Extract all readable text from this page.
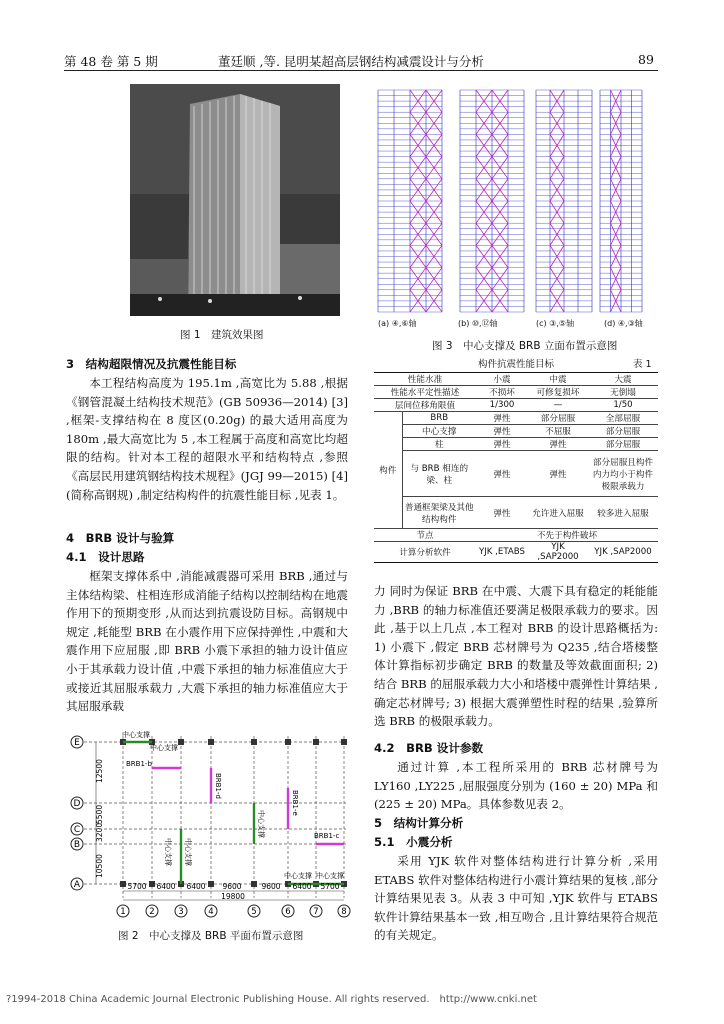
第 48 卷 第 5 期	董廷顺 ,等. 昆明某超高层钢结构减震设计与分析	89
图 1　建筑效果图
(a) ④,⑥轴	(b) ⑩,⑫轴	(c) ③,⑤轴	(d) ④,③轴
图 3　中心支撑及 BRB 立面布置示意图
3　结构超限情况及抗震性能目标

本工程结构高度为 195.1m ,高宽比为 5.88 ,根据《钢管混凝土结构技术规范》(GB 50936—2014) [3] ,框架-支撑结构在 8 度区(0.20g) 的最大适用高度为 180m ,最大高宽比为 5 ,本工程属于高度和高宽比均超限的结构。针对本工程的超限水平和结构特点 ,参照《高层民用建筑钢结构技术规程》(JGJ 99—2015) [4] (简称高钢规) ,制定结构构件的抗震性能目标 ,见表 1。

4　BRB 设计与验算
4.1　设计思路

框架支撑体系中 ,消能减震器可采用 BRB ,通过与主体结构梁、柱相连形成消能子结构以控制结构在地震作用下的预期变形 ,从而达到抗震设防目标。高钢规中规定 ,耗能型 BRB 在小震作用下应保持弹性 ,中震和大震作用下应屈服 ,即 BRB 小震下承担的轴力设计值应小于其承载力设计值 ,中震下承担的轴力标准值应大于或接近其屈服承载力 ,大震下承担的轴力标准值应大于其屈服承载

构件抗震性能目标	表 1
性能水准		小震	中震	大震
性能水平定性描述		不损坏	可修复损坏	无倒塌
层间位移角限值		1/300	—	1/50
构件	BRB	弹性	部分屈服	全部屈服
	中心支撑	弹性	不屈服	部分屈服
	柱	弹性	弹性	部分屈服
	与 BRB 相连的梁、柱	弹性	弹性	部分屈服且构件内力均小于构件极限承载力
	普通框架梁及其他结构构件	弹性	允许进入屈服	较多进入屈服
节点		不先于构件破坏		
计算分析软件		YJK ,ETABS	YJK ,SAP2000	YJK ,SAP2000

力 同时为保证 BRB 在中震、大震下具有稳定的耗能能力 ,BRB 的轴力标准值还要满足极限承载力的要求。因此 ,基于以上几点 ,本工程对 BRB 的设计思路概括为: 1) 小震下 ,假定 BRB 芯材牌号为 Q235 ,结合塔楼整体计算指标初步确定 BRB 的数量及等效截面面积; 2) 结合 BRB 的屈服承载力大小和塔楼中震弹性计算结果 ,确定芯材牌号; 3) 根据大震弹塑性时程的结果 ,验算所选 BRB 的极限承载力。

4.2　BRB 设计参数

通过计算 ,本工程所采用的 BRB 芯材牌号为 LY160 ,LY225 ,屈服强度分别为 (160 ± 20) MPa 和 (225 ± 20) MPa。具体参数见表 2。

5　结构计算分析
5.1　小震分析

采用 YJK 软件对整体结构进行计算分析 ,采用 ETABS 软件对整体结构进行小震计算结果的复核 ,部分计算结果见表 3。从表 3 中可知 ,YJK 软件与 ETABS 软件计算结果基本一致 ,相互吻合 ,且计算结果符合规范的有关规定。

E
D
C
B
A
12500
5500
3200
10500
中心支撑
中心支撑
BRB1-b
BRB1-d
中心支撑
中心支撑
中心支撑
BRB1-e
BRB1-c
中心支撑 中心支撑
5700 6400 6400 9600	9600 6400 5700
19800
1	2	3	4	5	6	7	8
图 2　中心支撑及 BRB 平面布置示意图
?1994-2018 China Academic Journal Electronic Publishing House. All rights reserved.　http://www.cnki.net
